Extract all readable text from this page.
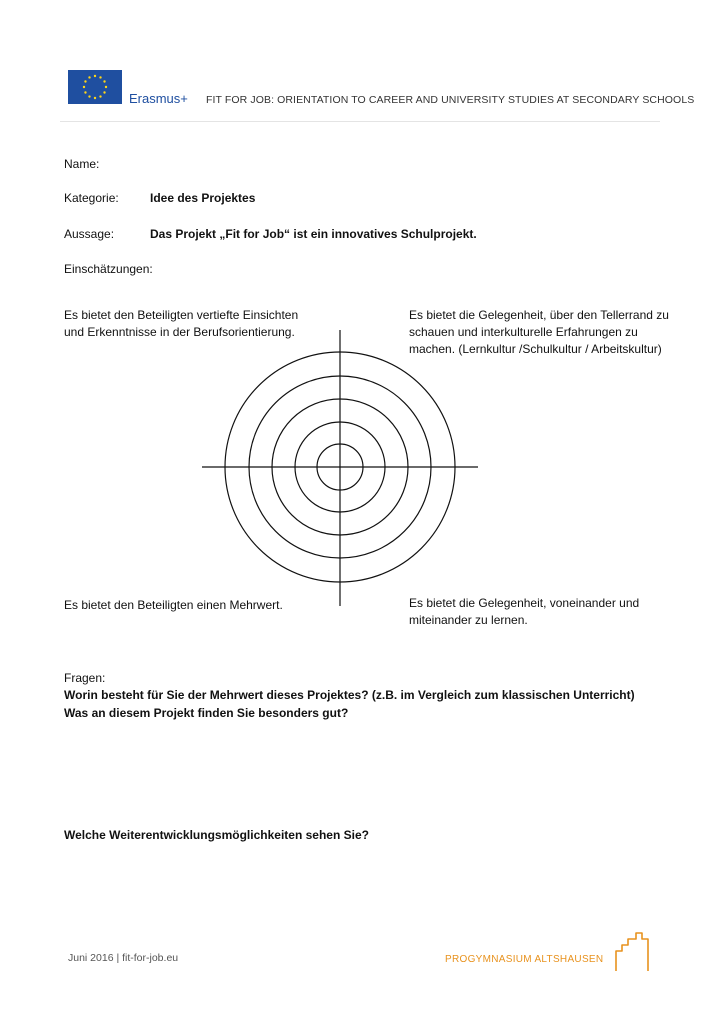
Erasmus+ FIT FOR JOB: ORIENTATION TO CAREER AND UNIVERSITY STUDIES AT SECONDARY SCHOOLS
Name:
Kategorie:	Idee des Projektes
Aussage:	Das Projekt „Fit for Job“ ist ein innovatives Schulprojekt.
Einschätzungen:
Es bietet den Beteiligten vertiefte Einsichten
und Erkenntnisse in der Berufsorientierung.
Es bietet die Gelegenheit, über den Tellerrand zu
schauen und interkulturelle Erfahrungen zu
machen. (Lernkultur /Schulkultur / Arbeitskultur)
Es bietet den Beteiligten einen Mehrwert.	Es bietet die Gelegenheit, voneinander und
miteinander zu lernen.
Fragen:
Worin besteht für Sie der Mehrwert dieses Projektes? (z.B. im Vergleich zum klassischen Unterricht)
Was an diesem Projekt finden Sie besonders gut?
Welche Weiterentwicklungsmöglichkeiten sehen Sie?
Juni 2016 | fit-for-job.eu	PROGYMNASIUM ALTSHAUSEN
